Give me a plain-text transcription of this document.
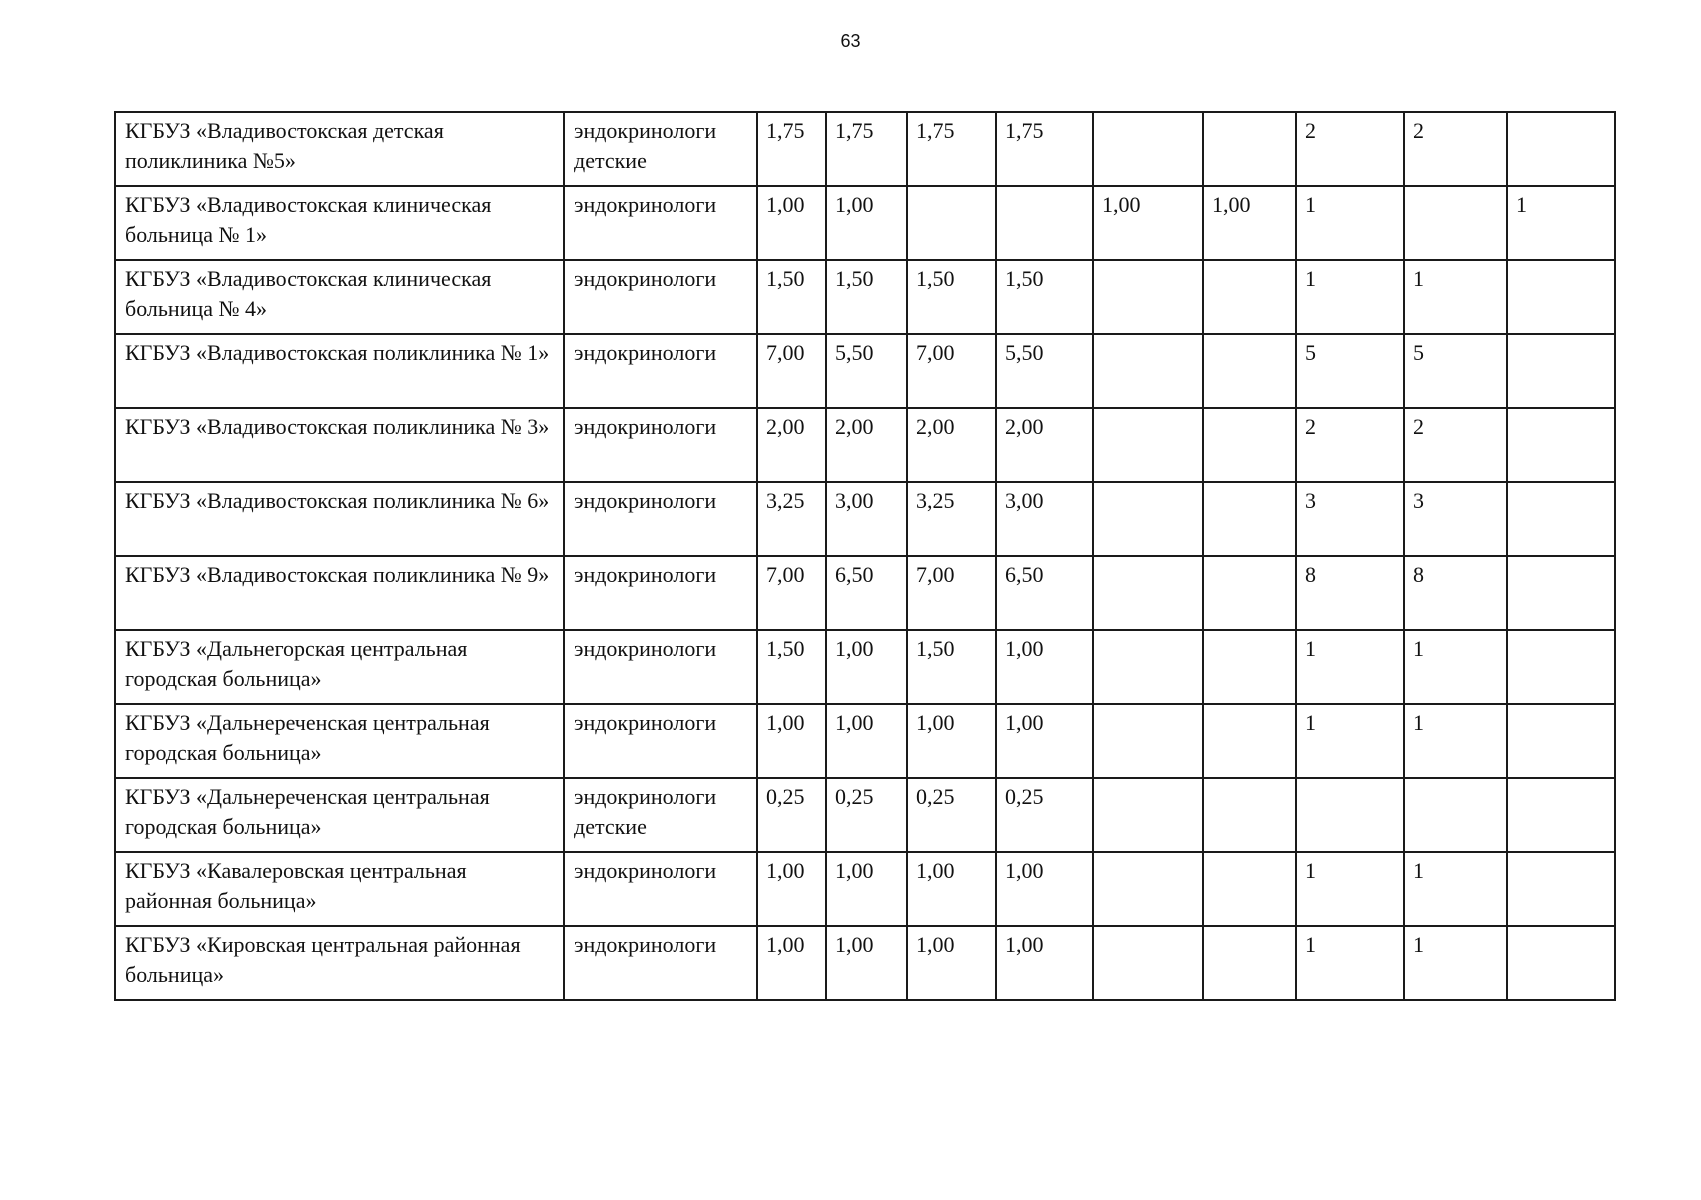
63
КГБУЗ «Владивостокская детская поликлиника №5»	эндокринологи детские	1,75	1,75	1,75	1,75			2	2	
КГБУЗ «Владивостокская клиническая больница № 1»	эндокринологи	1,00	1,00			1,00	1,00	1		1
КГБУЗ «Владивостокская клиническая больница № 4»	эндокринологи	1,50	1,50	1,50	1,50			1	1	
КГБУЗ «Владивостокская поликлиника № 1»	эндокринологи	7,00	5,50	7,00	5,50			5	5	
КГБУЗ «Владивостокская поликлиника № 3»	эндокринологи	2,00	2,00	2,00	2,00			2	2	
КГБУЗ «Владивостокская поликлиника № 6»	эндокринологи	3,25	3,00	3,25	3,00			3	3	
КГБУЗ «Владивостокская поликлиника № 9»	эндокринологи	7,00	6,50	7,00	6,50			8	8	
КГБУЗ «Дальнегорская центральная городская больница»	эндокринологи	1,50	1,00	1,50	1,00			1	1	
КГБУЗ «Дальнереченская центральная городская больница»	эндокринологи	1,00	1,00	1,00	1,00			1	1	
КГБУЗ «Дальнереченская центральная городская больница»	эндокринологи детские	0,25	0,25	0,25	0,25					
КГБУЗ «Кавалеровская центральная районная больница»	эндокринологи	1,00	1,00	1,00	1,00			1	1	
КГБУЗ «Кировская центральная районная больница»	эндокринологи	1,00	1,00	1,00	1,00			1	1	
